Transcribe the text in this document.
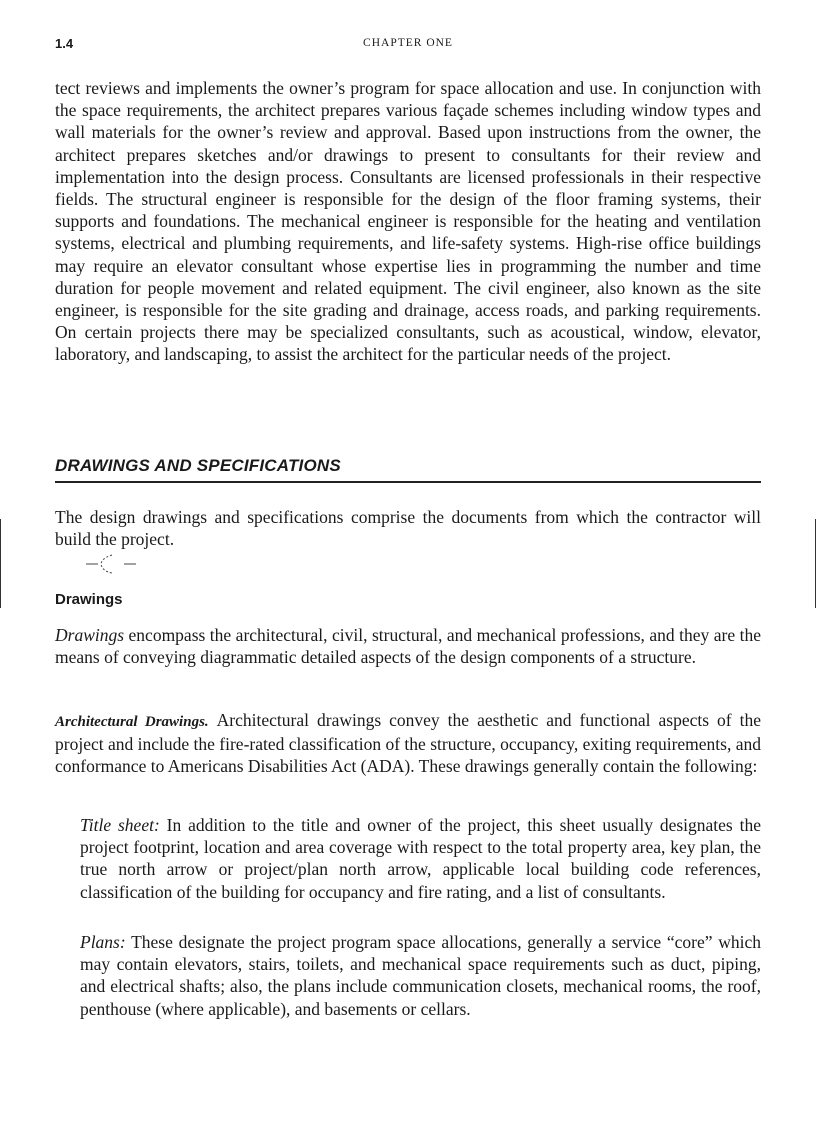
1.4	CHAPTER ONE

tect reviews and implements the owner’s program for space allocation and use. In conjunction with the space requirements, the architect prepares various façade schemes including window types and wall materials for the owner’s review and approval. Based upon instructions from the owner, the architect prepares sketches and/or drawings to present to consultants for their review and implementation into the design process. Consultants are licensed professionals in their respective fields. The structural engineer is responsible for the design of the floor framing systems, their supports and foundations. The mechanical engineer is responsible for the heating and ventilation systems, electrical and plumbing requirements, and life-safety systems. High-rise office buildings may require an elevator consultant whose expertise lies in programming the number and time duration for people movement and related equipment. The civil engineer, also known as the site engineer, is responsible for the site grading and drainage, access roads, and parking requirements. On certain projects there may be specialized consultants, such as acoustical, window, elevator, laboratory, and landscaping, to assist the architect for the particular needs of the project.

DRAWINGS AND SPECIFICATIONS

The design drawings and specifications comprise the documents from which the contractor will build the project.

Drawings

Drawings encompass the architectural, civil, structural, and mechanical professions, and they are the means of conveying diagrammatic detailed aspects of the design components of a structure.

Architectural Drawings. Architectural drawings convey the aesthetic and functional aspects of the project and include the fire-rated classification of the structure, occupancy, exiting requirements, and conformance to Americans Disabilities Act (ADA). These drawings generally contain the following:

Title sheet: In addition to the title and owner of the project, this sheet usually designates the project footprint, location and area coverage with respect to the total property area, key plan, the true north arrow or project/plan north arrow, applicable local building code references, classification of the building for occupancy and fire rating, and a list of consultants.

Plans: These designate the project program space allocations, generally a service “core” which may contain elevators, stairs, toilets, and mechanical space requirements such as duct, piping, and electrical shafts; also, the plans include communication closets, mechanical rooms, the roof, penthouse (where applicable), and basements or cellars.
